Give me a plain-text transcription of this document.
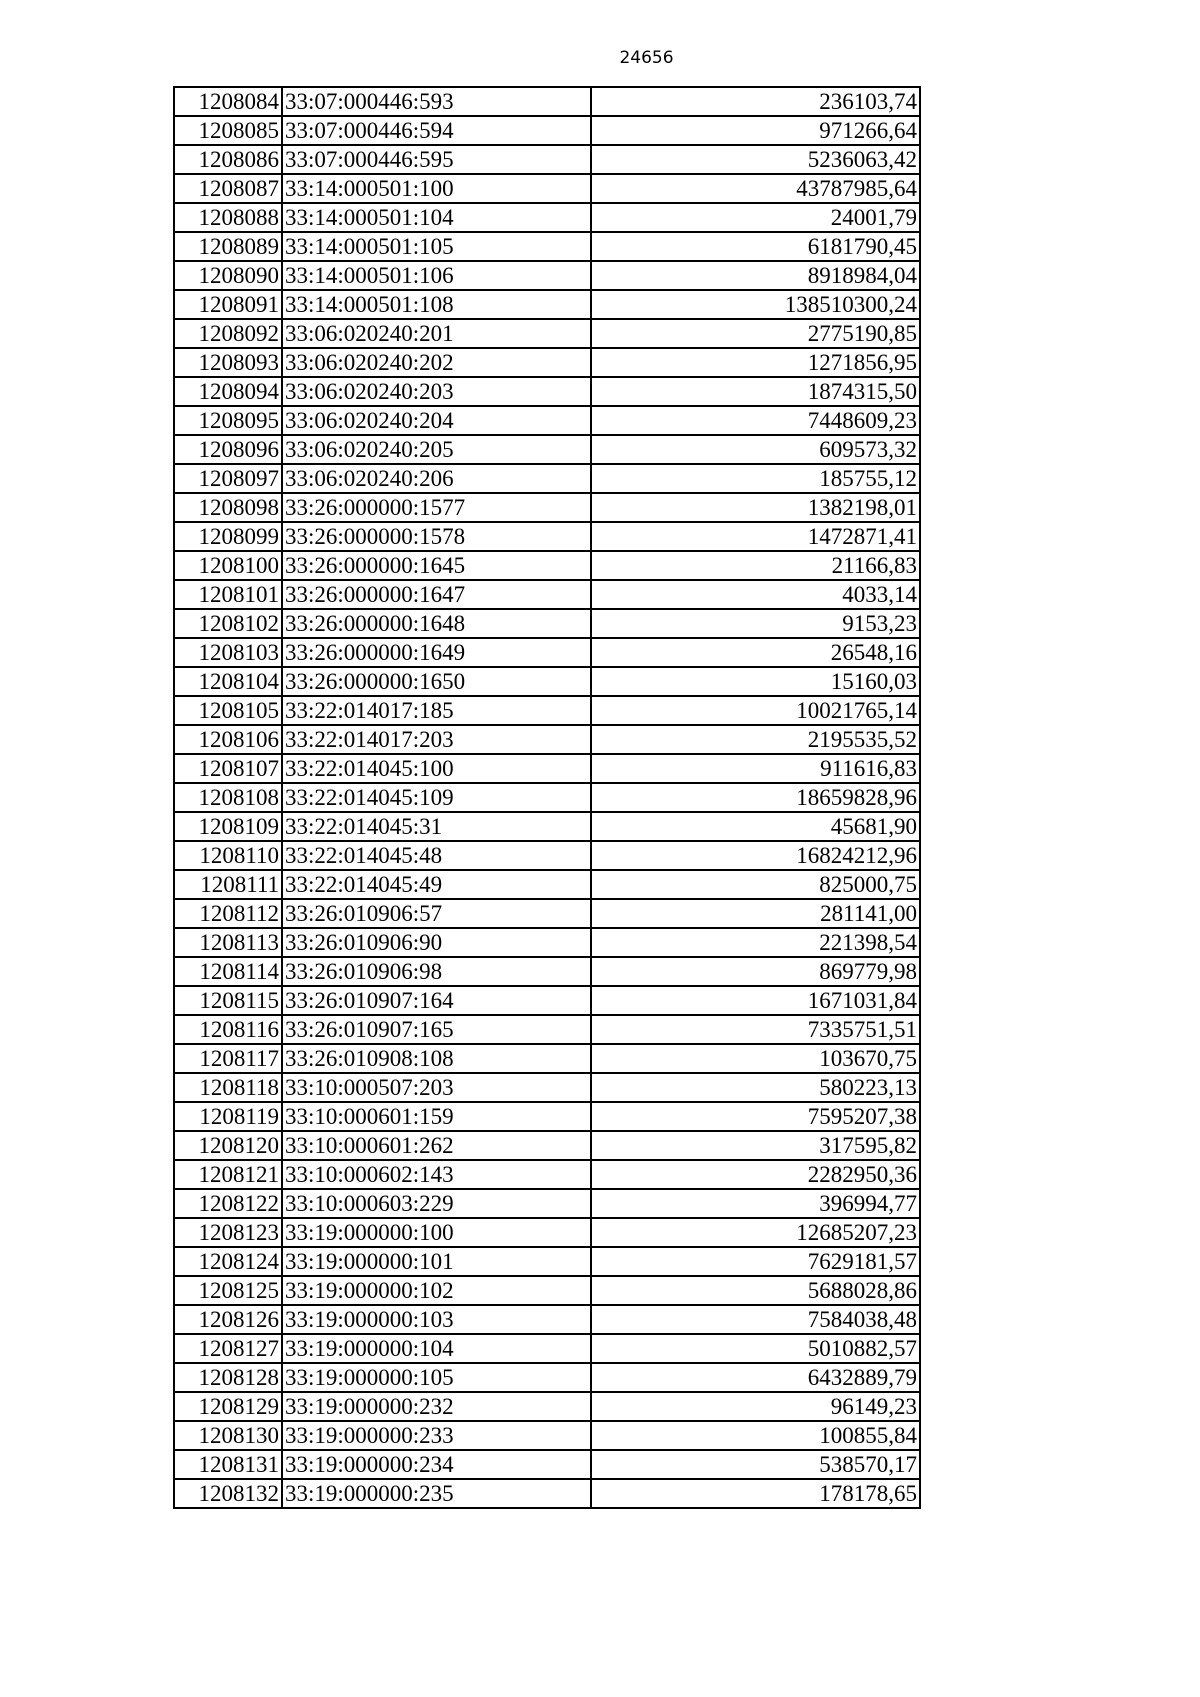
24656
1208084	33:07:000446:593	236103,74
1208085	33:07:000446:594	971266,64
1208086	33:07:000446:595	5236063,42
1208087	33:14:000501:100	43787985,64
1208088	33:14:000501:104	24001,79
1208089	33:14:000501:105	6181790,45
1208090	33:14:000501:106	8918984,04
1208091	33:14:000501:108	138510300,24
1208092	33:06:020240:201	2775190,85
1208093	33:06:020240:202	1271856,95
1208094	33:06:020240:203	1874315,50
1208095	33:06:020240:204	7448609,23
1208096	33:06:020240:205	609573,32
1208097	33:06:020240:206	185755,12
1208098	33:26:000000:1577	1382198,01
1208099	33:26:000000:1578	1472871,41
1208100	33:26:000000:1645	21166,83
1208101	33:26:000000:1647	4033,14
1208102	33:26:000000:1648	9153,23
1208103	33:26:000000:1649	26548,16
1208104	33:26:000000:1650	15160,03
1208105	33:22:014017:185	10021765,14
1208106	33:22:014017:203	2195535,52
1208107	33:22:014045:100	911616,83
1208108	33:22:014045:109	18659828,96
1208109	33:22:014045:31	45681,90
1208110	33:22:014045:48	16824212,96
1208111	33:22:014045:49	825000,75
1208112	33:26:010906:57	281141,00
1208113	33:26:010906:90	221398,54
1208114	33:26:010906:98	869779,98
1208115	33:26:010907:164	1671031,84
1208116	33:26:010907:165	7335751,51
1208117	33:26:010908:108	103670,75
1208118	33:10:000507:203	580223,13
1208119	33:10:000601:159	7595207,38
1208120	33:10:000601:262	317595,82
1208121	33:10:000602:143	2282950,36
1208122	33:10:000603:229	396994,77
1208123	33:19:000000:100	12685207,23
1208124	33:19:000000:101	7629181,57
1208125	33:19:000000:102	5688028,86
1208126	33:19:000000:103	7584038,48
1208127	33:19:000000:104	5010882,57
1208128	33:19:000000:105	6432889,79
1208129	33:19:000000:232	96149,23
1208130	33:19:000000:233	100855,84
1208131	33:19:000000:234	538570,17
1208132	33:19:000000:235	178178,65
